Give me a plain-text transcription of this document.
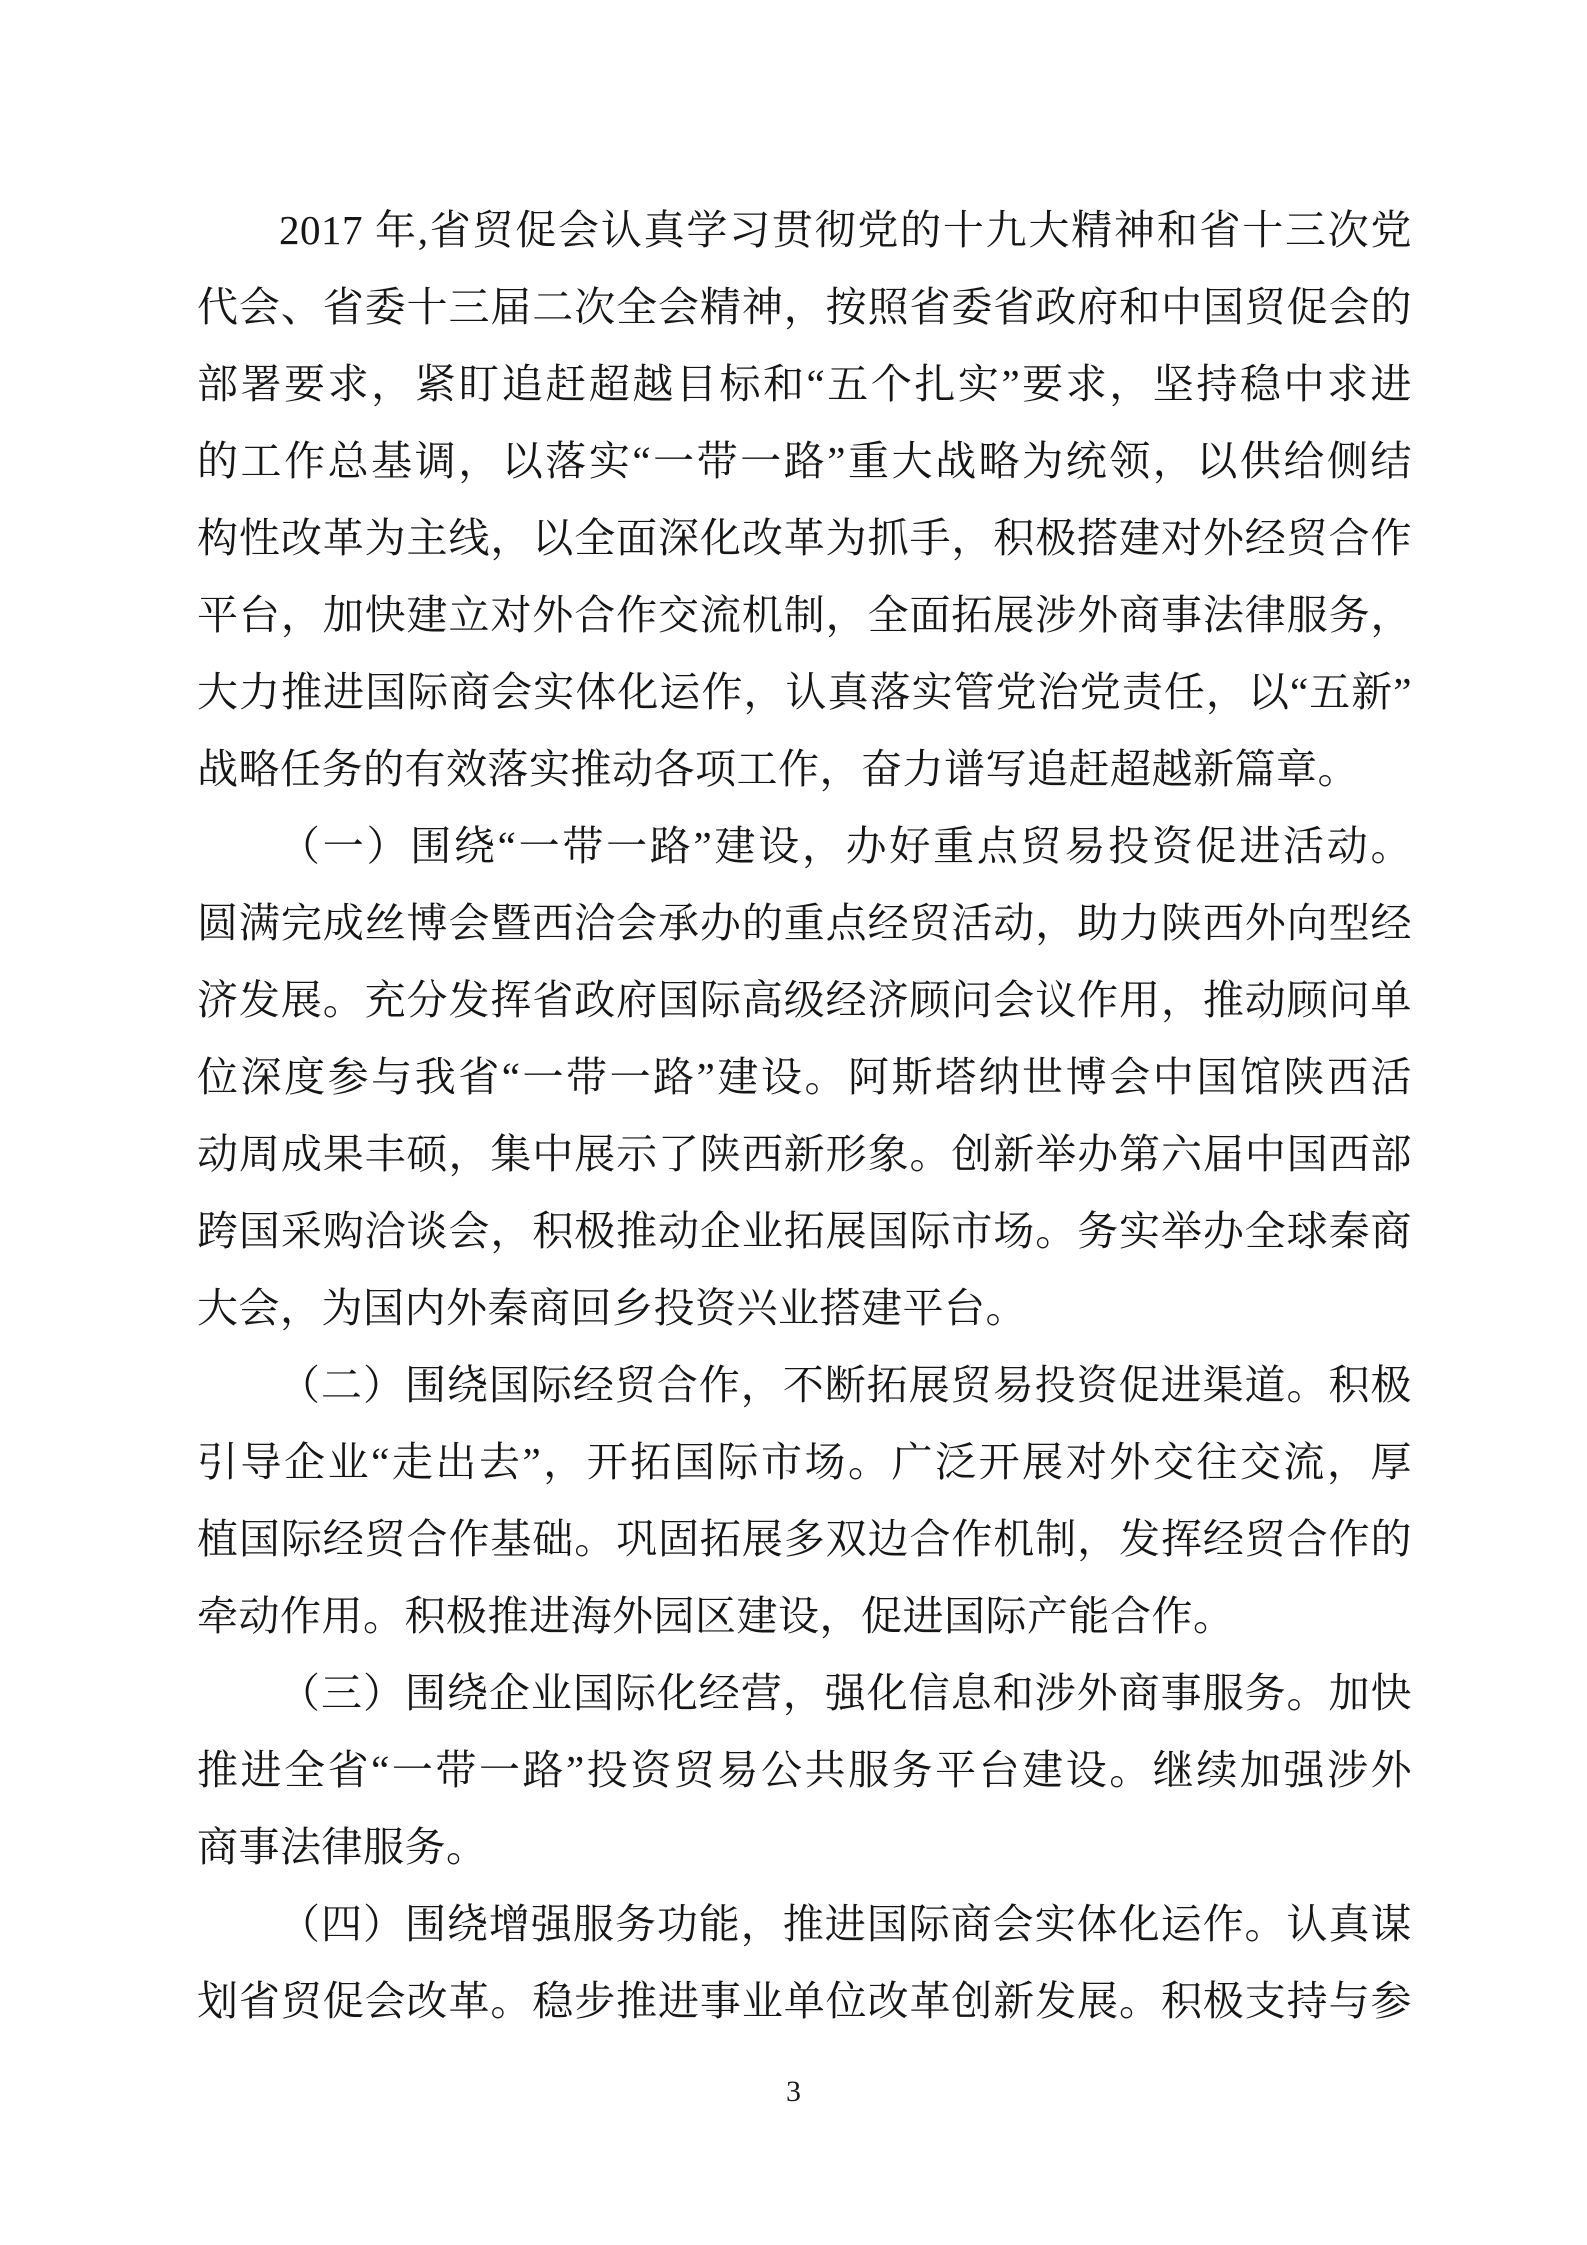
2017 年,省贸促会认真学习贯彻党的十九大精神和省十三次党
代会、省委十三届二次全会精神，按照省委省政府和中国贸促会的
部署要求，紧盯追赶超越目标和“五个扎实”要求，坚持稳中求进
的工作总基调，以落实“一带一路”重大战略为统领，以供给侧结
构性改革为主线，以全面深化改革为抓手，积极搭建对外经贸合作
平台，加快建立对外合作交流机制，全面拓展涉外商事法律服务，
大力推进国际商会实体化运作，认真落实管党治党责任，以“五新”
战略任务的有效落实推动各项工作，奋力谱写追赶超越新篇章。
（一）围绕“一带一路”建设，办好重点贸易投资促进活动。
圆满完成丝博会暨西洽会承办的重点经贸活动，助力陕西外向型经
济发展。充分发挥省政府国际高级经济顾问会议作用，推动顾问单
位深度参与我省“一带一路”建设。阿斯塔纳世博会中国馆陕西活
动周成果丰硕，集中展示了陕西新形象。创新举办第六届中国西部
跨国采购洽谈会，积极推动企业拓展国际市场。务实举办全球秦商
大会，为国内外秦商回乡投资兴业搭建平台。
（二）围绕国际经贸合作，不断拓展贸易投资促进渠道。积极
引导企业“走出去”，开拓国际市场。广泛开展对外交往交流，厚
植国际经贸合作基础。巩固拓展多双边合作机制，发挥经贸合作的
牵动作用。积极推进海外园区建设，促进国际产能合作。
（三）围绕企业国际化经营，强化信息和涉外商事服务。加快
推进全省“一带一路”投资贸易公共服务平台建设。继续加强涉外
商事法律服务。
（四）围绕增强服务功能，推进国际商会实体化运作。认真谋
划省贸促会改革。稳步推进事业单位改革创新发展。积极支持与参
3
